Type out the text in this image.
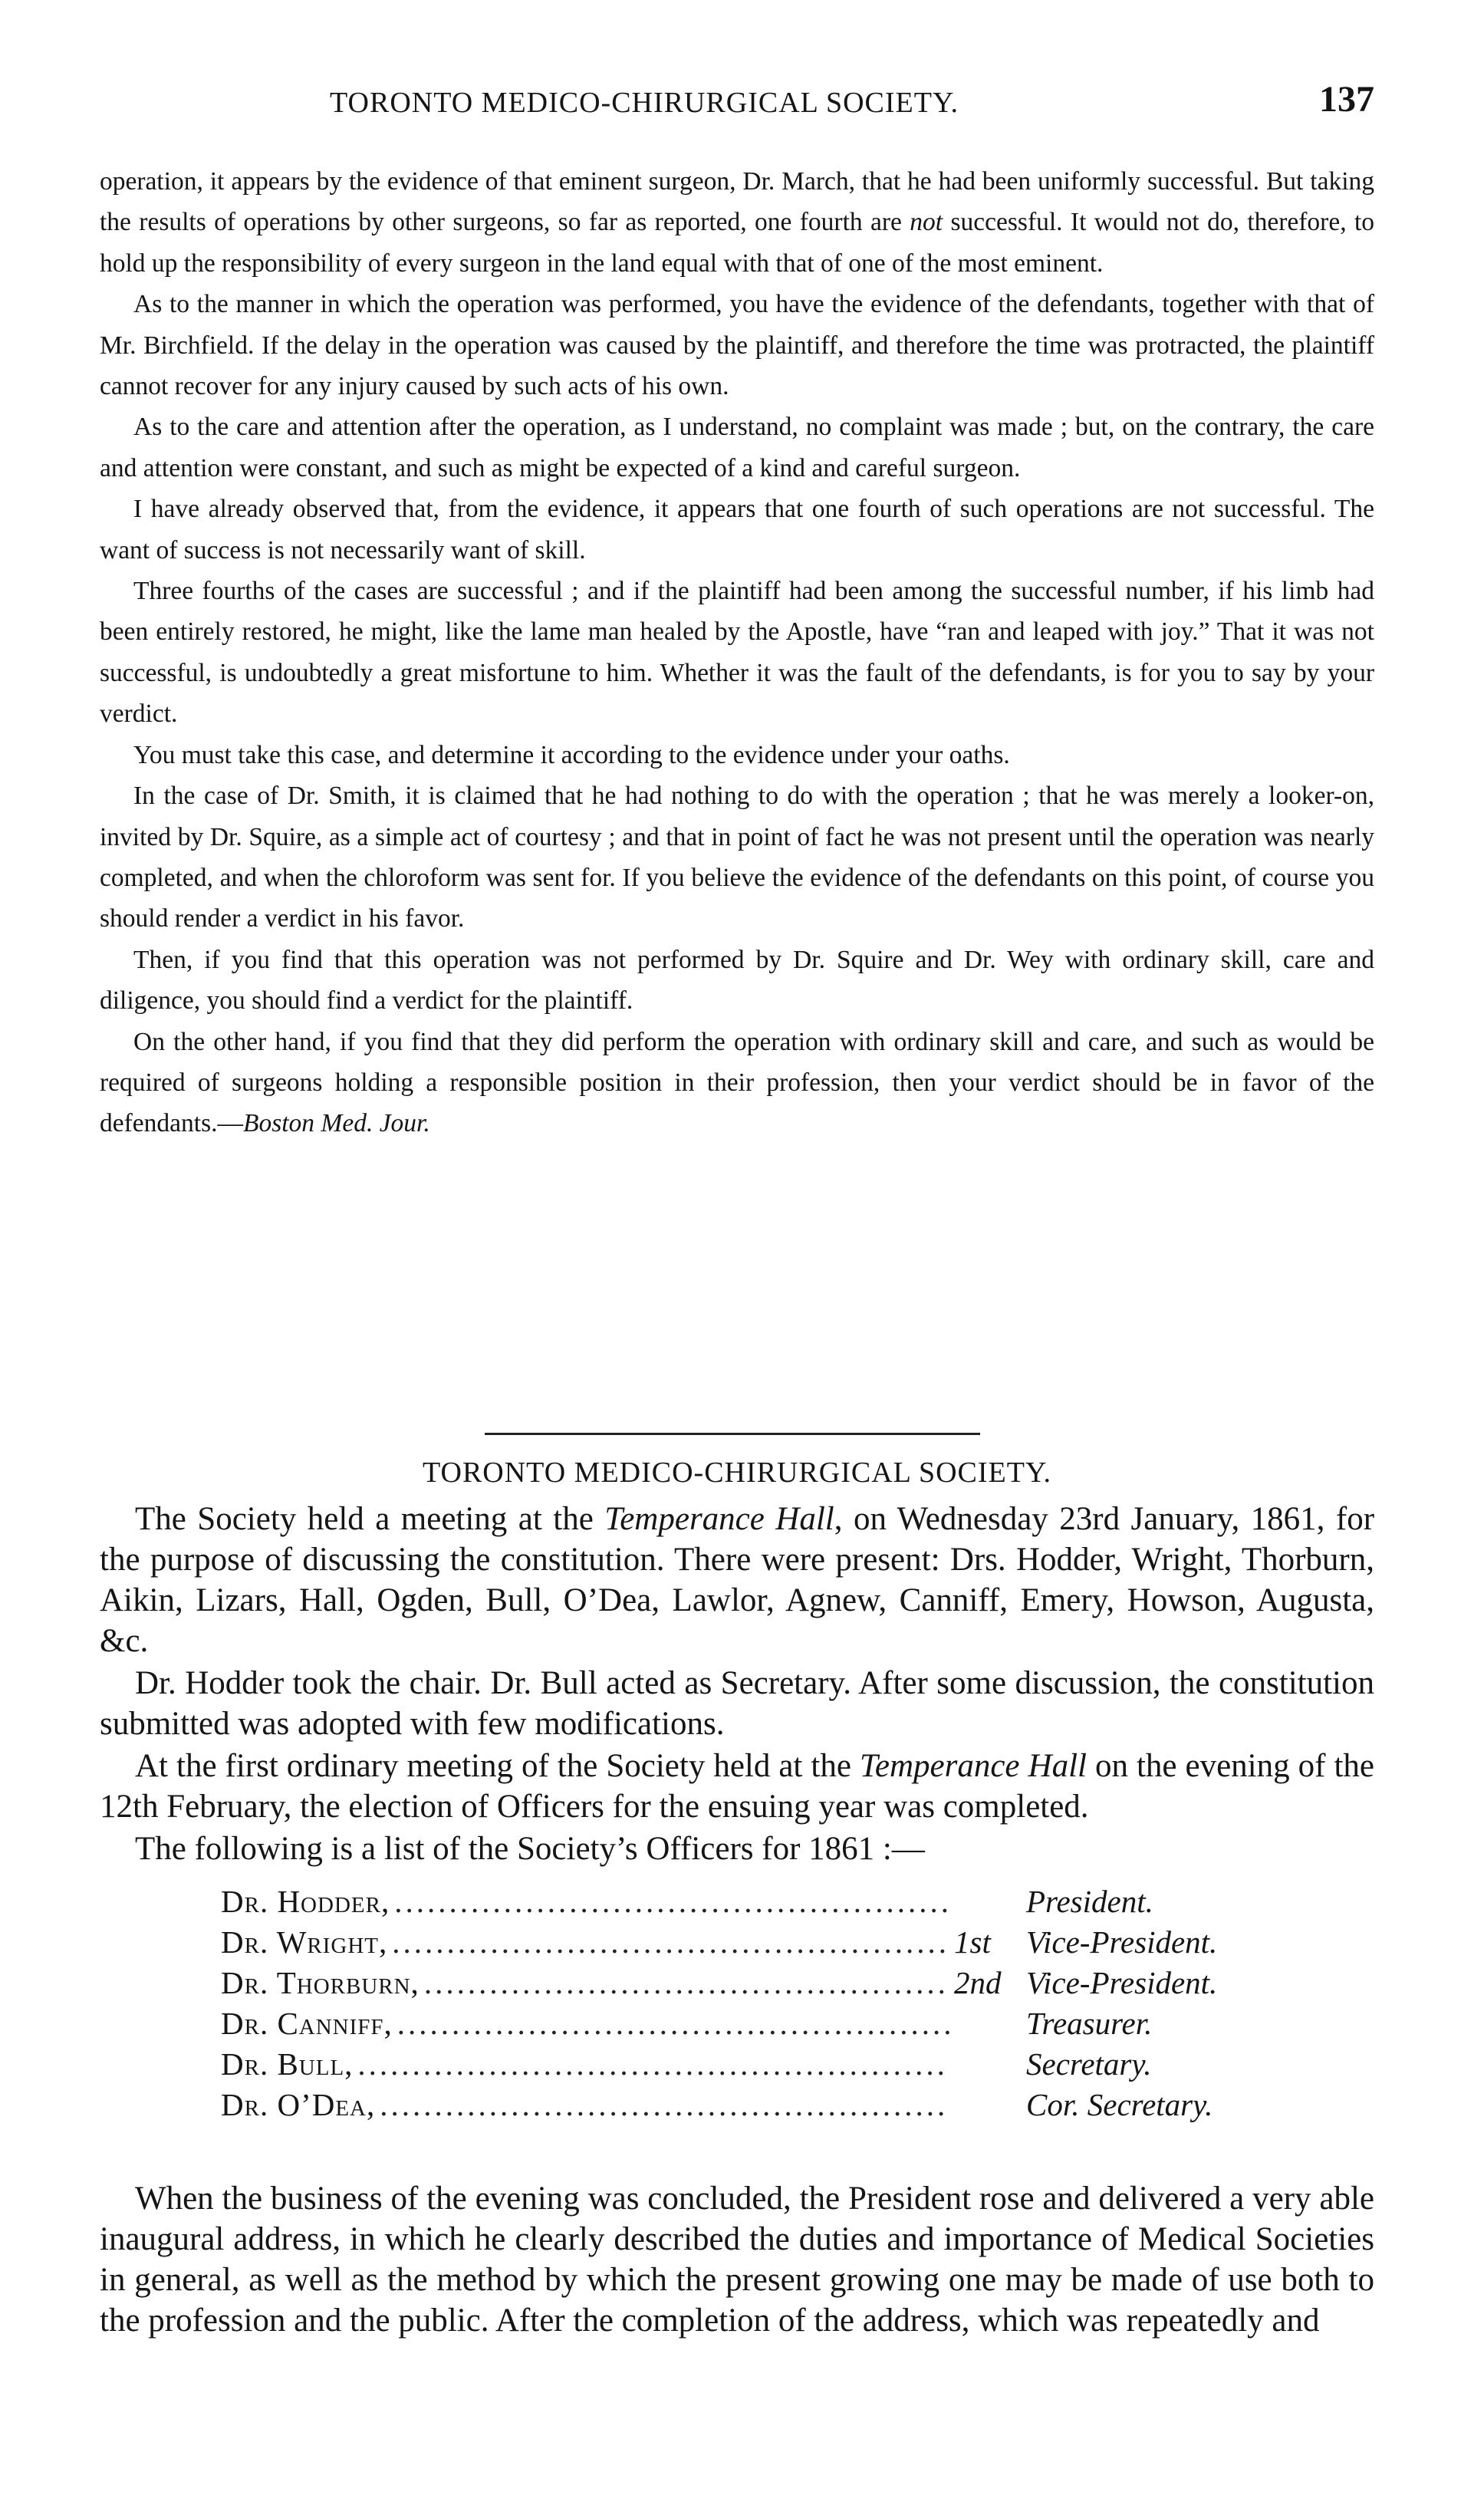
TORONTO MEDICO-CHIRURGICAL SOCIETY.	137

operation, it appears by the evidence of that eminent surgeon, Dr. March, that he had been uniformly successful. But taking the results of operations by other surgeons, so far as reported, one fourth are not successful. It would not do, therefore, to hold up the responsibility of every surgeon in the land equal with that of one of the most eminent.

As to the manner in which the operation was performed, you have the evidence of the defendants, together with that of Mr. Birchfield. If the delay in the operation was caused by the plaintiff, and therefore the time was protracted, the plaintiff cannot recover for any injury caused by such acts of his own.

As to the care and attention after the operation, as I understand, no complaint was made ; but, on the contrary, the care and attention were constant, and such as might be expected of a kind and careful surgeon.

I have already observed that, from the evidence, it appears that one fourth of such operations are not successful. The want of success is not necessarily want of skill.

Three fourths of the cases are successful ; and if the plaintiff had been among the successful number, if his limb had been entirely restored, he might, like the lame man healed by the Apostle, have “ran and leaped with joy.” That it was not successful, is undoubtedly a great misfortune to him. Whether it was the fault of the defendants, is for you to say by your verdict.

You must take this case, and determine it according to the evidence under your oaths.

In the case of Dr. Smith, it is claimed that he had nothing to do with the operation ; that he was merely a looker-on, invited by Dr. Squire, as a simple act of courtesy ; and that in point of fact he was not present until the operation was nearly completed, and when the chloroform was sent for. If you believe the evidence of the defendants on this point, of course you should render a verdict in his favor.

Then, if you find that this operation was not performed by Dr. Squire and Dr. Wey with ordinary skill, care and diligence, you should find a verdict for the plaintiff.

On the other hand, if you find that they did perform the operation with ordinary skill and care, and such as would be required of surgeons holding a responsible position in their profession, then your verdict should be in favor of the defendants.—Boston Med. Jour.

TORONTO MEDICO-CHIRURGICAL SOCIETY.

The Society held a meeting at the Temperance Hall, on Wednesday 23rd January, 1861, for the purpose of discussing the constitution. There were present: Drs. Hodder, Wright, Thorburn, Aikin, Lizars, Hall, Ogden, Bull, O’Dea, Lawlor, Agnew, Canniff, Emery, Howson, Augusta, &c.

Dr. Hodder took the chair. Dr. Bull acted as Secretary. After some discussion, the constitution submitted was adopted with few modifications.

At the first ordinary meeting of the Society held at the Temperance Hall on the evening of the 12th February, the election of Officers for the ensuing year was completed.

The following is a list of the Society’s Officers for 1861 :—

Dr. Hodder, .....	President.
Dr. Wright, .....	1st	Vice-President.
Dr. Thorburn, .....	2nd Vice-President.
Dr. Canniff, .....	Treasurer.
Dr. Bull, .....	Secretary.
Dr. O’Dea, .....	Cor. Secretary.

When the business of the evening was concluded, the President rose and delivered a very able inaugural address, in which he clearly described the duties and importance of Medical Societies in general, as well as the method by which the present growing one may be made of use both to the profession and the public. After the completion of the address, which was repeatedly and
